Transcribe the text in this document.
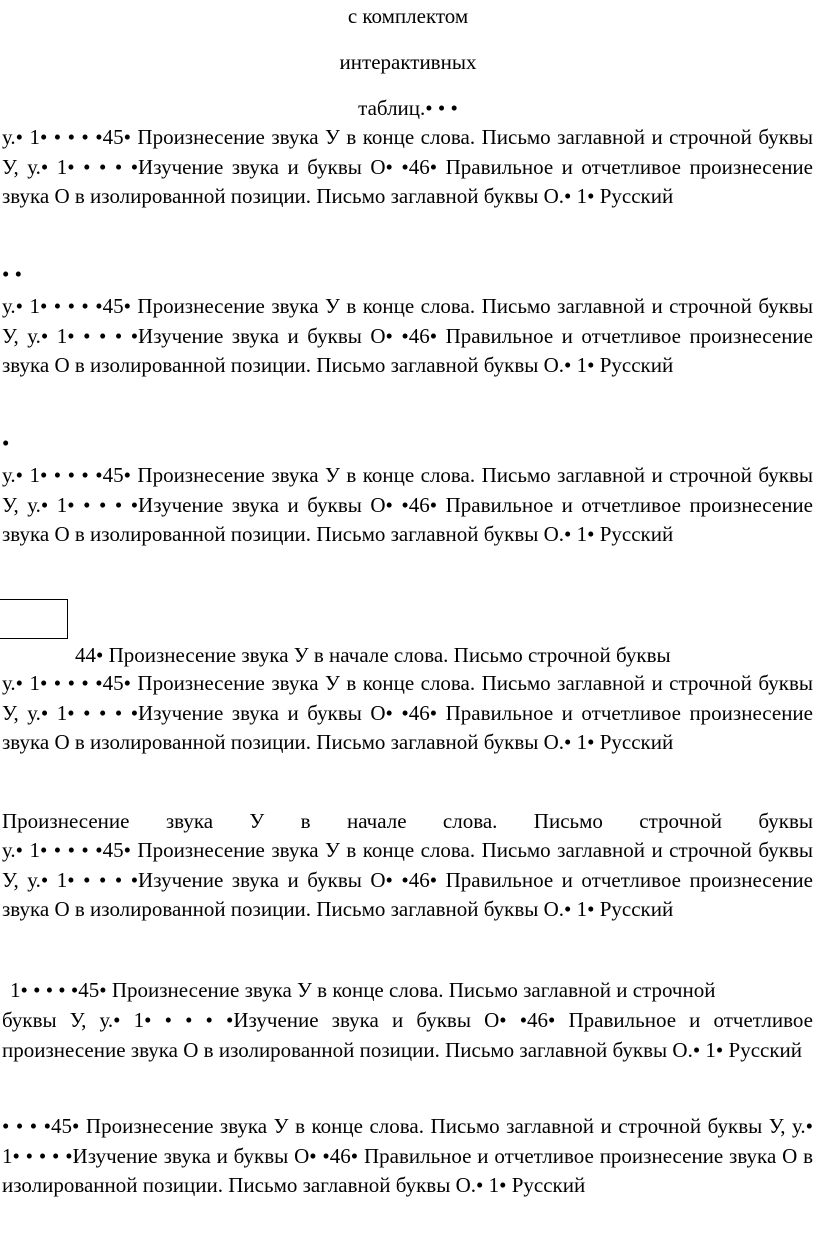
с комплектом
интерактивных
таблиц.• • •

у.• 1• • • • •45• Произнесение звука У в конце слова. Письмо заглавной и строчной буквы У, у.• 1• • • • •Изучение звука и буквы О• •46• Правильное и отчетливое произнесение звука О в изолированной позиции. Письмо заглавной буквы О.• 1• Русский

• •

у.• 1• • • • •45• Произнесение звука У в конце слова. Письмо заглавной и строчной буквы У, у.• 1• • • • •Изучение звука и буквы О• •46• Правильное и отчетливое произнесение звука О в изолированной позиции. Письмо заглавной буквы О.• 1• Русский

•

у.• 1• • • • •45• Произнесение звука У в конце слова. Письмо заглавной и строчной буквы У, у.• 1• • • • •Изучение звука и буквы О• •46• Правильное и отчетливое произнесение звука О в изолированной позиции. Письмо заглавной буквы О.• 1• Русский

44• Произнесение звука У в начале слова. Письмо строчной буквы

у.• 1• • • • •45• Произнесение звука У в конце слова. Письмо заглавной и строчной буквы У, у.• 1• • • • •Изучение звука и буквы О• •46• Правильное и отчетливое произнесение звука О в изолированной позиции. Письмо заглавной буквы О.• 1• Русский

Произнесение звука У в начале слова. Письмо строчной буквы

у.• 1• • • • •45• Произнесение звука У в конце слова. Письмо заглавной и строчной буквы У, у.• 1• • • • •Изучение звука и буквы О• •46• Правильное и отчетливое произнесение звука О в изолированной позиции. Письмо заглавной буквы О.• 1• Русский

1• • • • •45• Произнесение звука У в конце слова. Письмо заглавной и строчной

буквы У, у.• 1• • • • •Изучение звука и буквы О• •46• Правильное и отчетливое произнесение звука О в изолированной позиции. Письмо заглавной буквы О.• 1• Русский

• • • •45• Произнесение звука У в конце слова. Письмо заглавной и строчной буквы У, у.• 1• • • • •Изучение звука и буквы О• •46• Правильное и отчетливое произнесение звука О в изолированной позиции. Письмо заглавной буквы О.• 1• Русский
